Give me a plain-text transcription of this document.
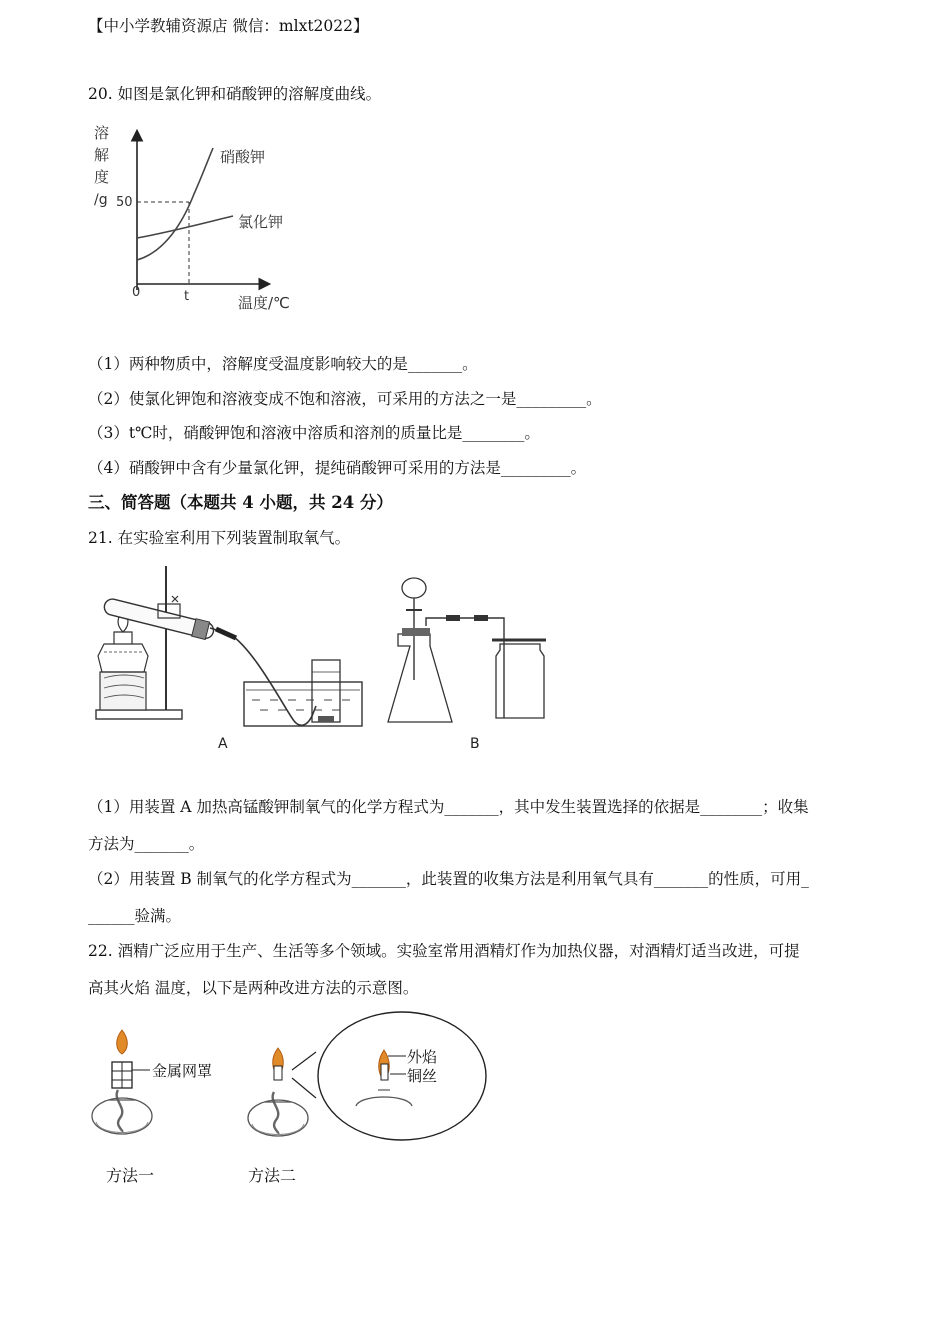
【中小学教辅资源店 微信：mlxt2022】
20. 如图是氯化钾和硝酸钾的溶解度曲线。
溶
解
度
/g 50
0	t	温度/℃
硝酸钾
氯化钾
（1）两种物质中，溶解度受温度影响较大的是_______。
（2）使氯化钾饱和溶液变成不饱和溶液，可采用的方法之一是_________。
（3）t℃时，硝酸钾饱和溶液中溶质和溶剂的质量比是________。
（4）硝酸钾中含有少量氯化钾，提纯硝酸钾可采用的方法是_________。
三、简答题（本题共 4 小题，共 24 分）
21. 在实验室利用下列装置制取氧气。
A	B
（1）用装置 A 加热高锰酸钾制氧气的化学方程式为_______，其中发生装置选择的依据是________；收集
方法为_______。
（2）用装置 B 制氧气的化学方程式为_______，此装置的收集方法是利用氧气具有_______的性质，可用_
______验满。
22. 酒精广泛应用于生产、生活等多个领域。实验室常用酒精灯作为加热仪器，对酒精灯适当改进，可提
高其火焰 温度，以下是两种改进方法的示意图。
金属网罩
方法一	方法二
外焰
铜丝
